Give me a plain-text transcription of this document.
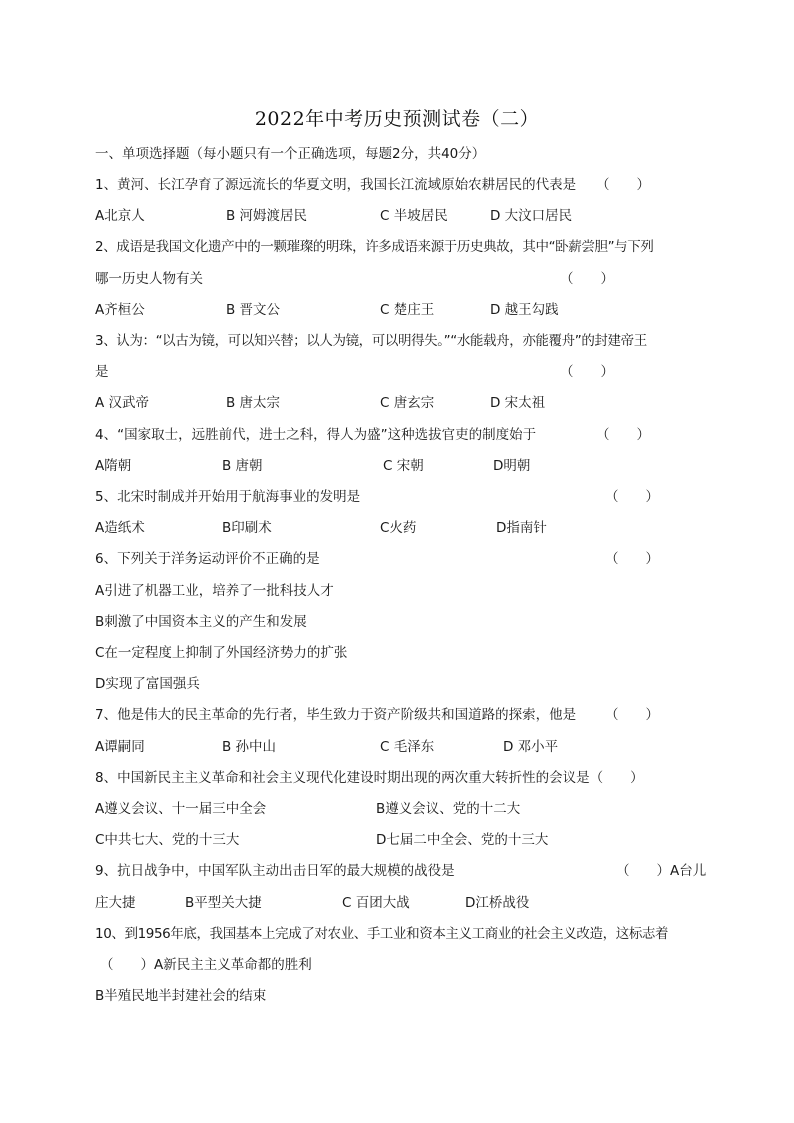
2022年中考历史预测试卷（二）
一、单项选择题（每小题只有一个正确选项，每题2分，共40分）
1、黄河、长江孕育了源远流长的华夏文明，我国长江流域原始农耕居民的代表是 （　　）
A北京人	B 河姆渡居民	C 半坡居民	D 大汶口居民
2、成语是我国文化遗产中的一颗璀璨的明珠，许多成语来源于历史典故，其中“卧薪尝胆”与下列
哪一历史人物有关	（　　）
A齐桓公	B 晋文公	C 楚庄王	D 越王勾践
3、认为：“以古为镜，可以知兴替；以人为镜，可以明得失。”“水能载舟，亦能覆舟”的封建帝王
是	（　　）
A 汉武帝	B 唐太宗	C 唐玄宗	D 宋太祖
4、“国家取士，远胜前代，进士之科，得人为盛”这种选拔官吏的制度始于	（　　）
A隋朝	B 唐朝	C 宋朝	D明朝
5、北宋时制成并开始用于航海事业的发明是	（　　）
A造纸术	B印刷术	C火药	D指南针
6、下列关于洋务运动评价不正确的是	（　　）
A引进了机器工业，培养了一批科技人才
B刺激了中国资本主义的产生和发展
C在一定程度上抑制了外国经济势力的扩张
D实现了富国强兵
7、他是伟大的民主革命的先行者，毕生致力于资产阶级共和国道路的探索，他是 （　　）
A谭嗣同	B 孙中山	C 毛泽东	D 邓小平
8、中国新民主主义革命和社会主义现代化建设时期出现的两次重大转折性的会议是（　　）
A遵义会议、十一届三中全会	B遵义会议、党的十二大
C中共七大、党的十三大	D七届二中全会、党的十三大
9、抗日战争中，中国军队主动出击日军的最大规模的战役是	（　　）A台儿
庄大捷	B平型关大捷	C 百团大战	D江桥战役
10、到1956年底，我国基本上完成了对农业、手工业和资本主义工商业的社会主义改造，这标志着
（　　）A新民主主义革命都的胜利
B半殖民地半封建社会的结束
